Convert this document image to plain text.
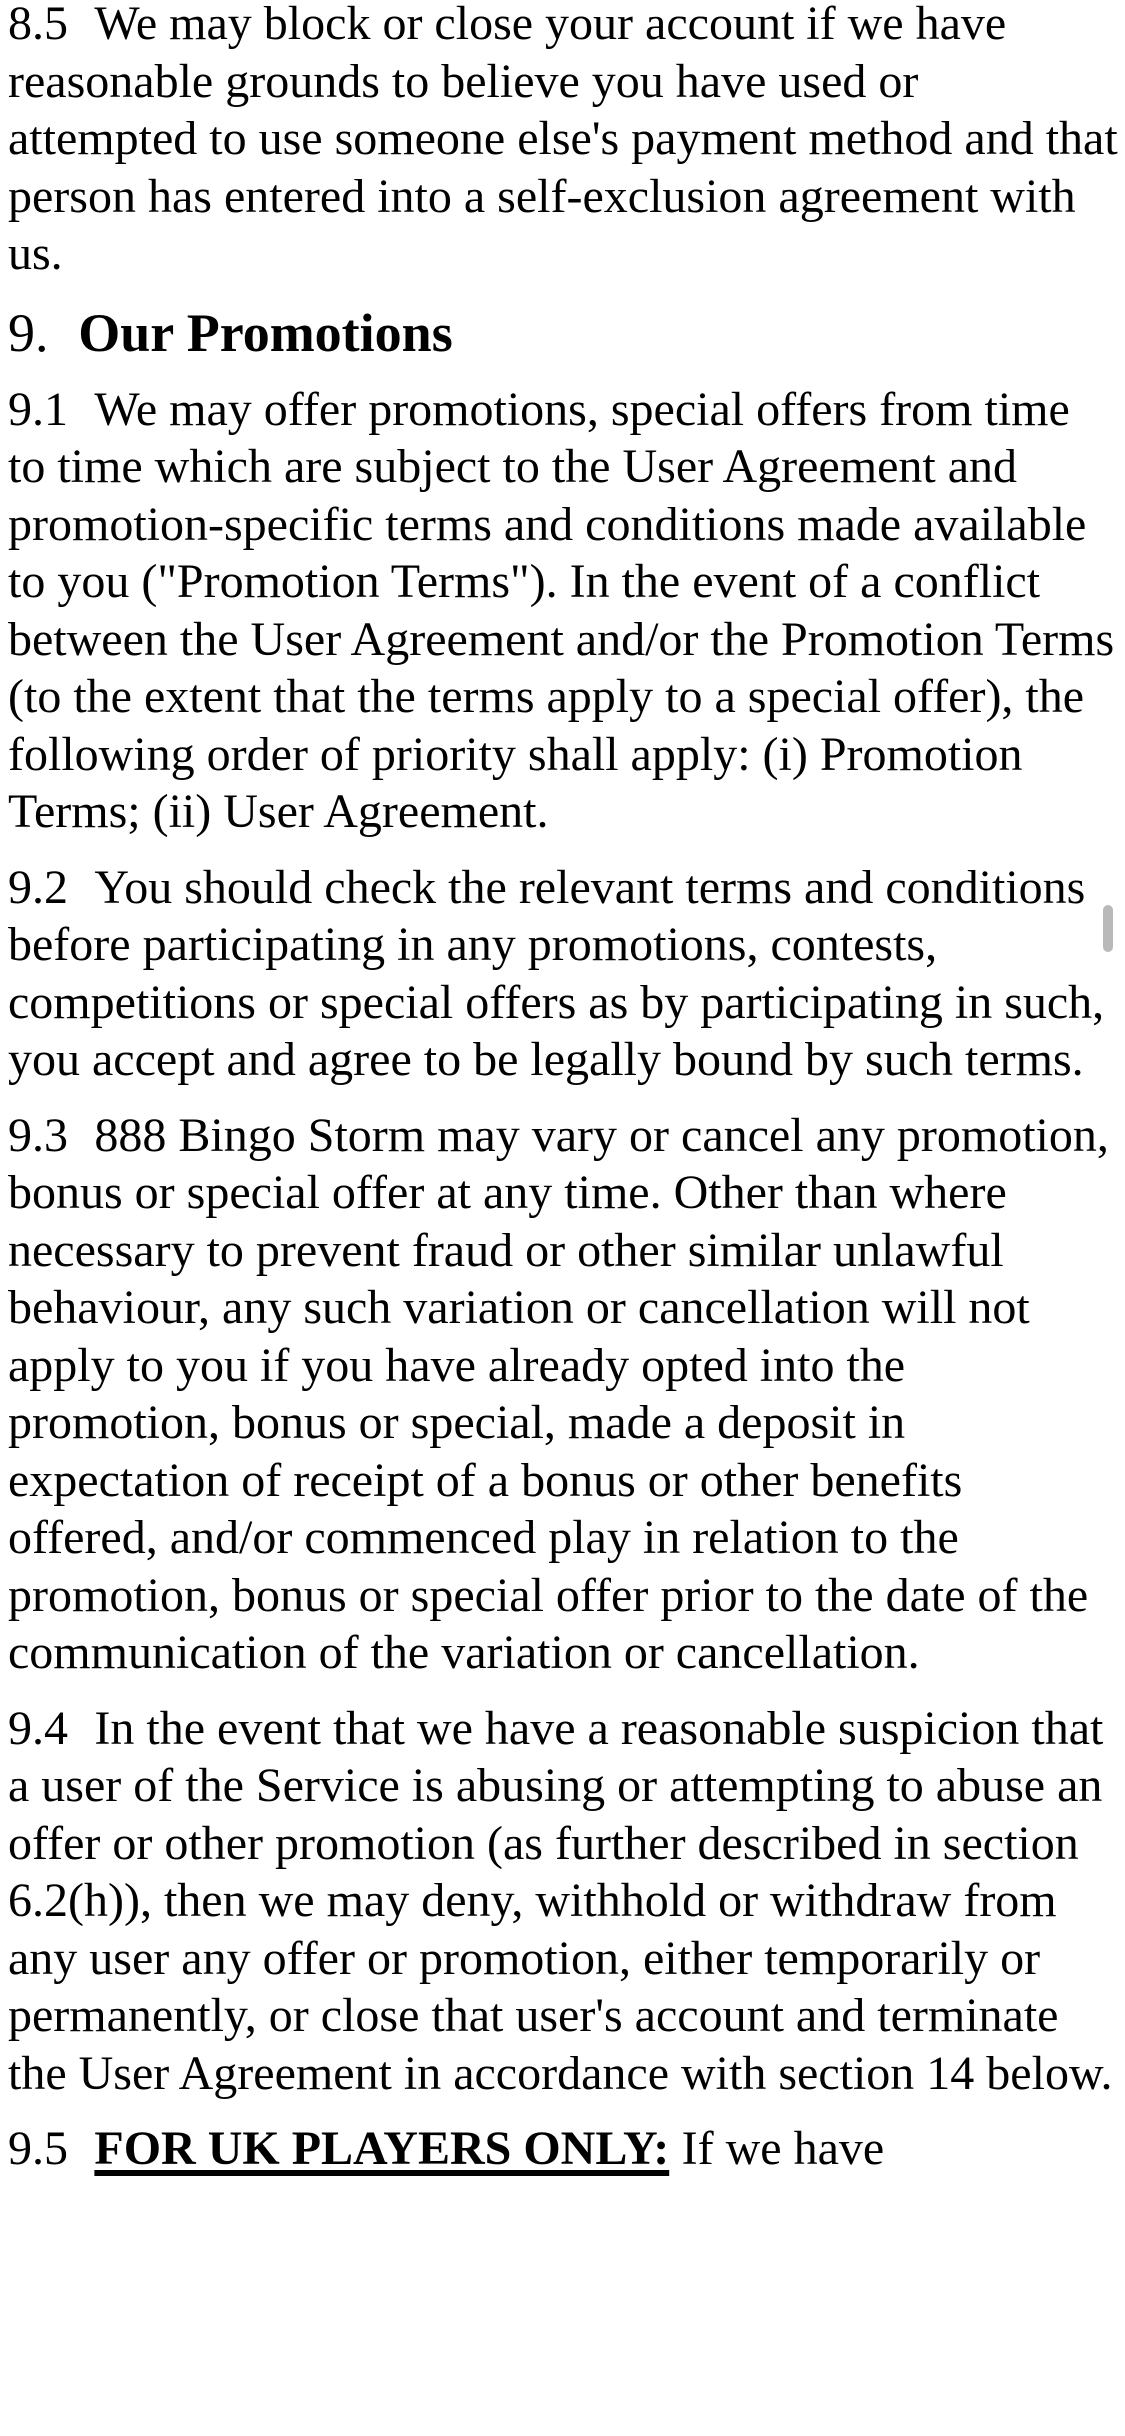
8.5 We may block or close your account if we have reasonable grounds to believe you have used or attempted to use someone else's payment method and that person has entered into a self-exclusion agreement with us.

9. Our Promotions

9.1 We may offer promotions, special offers from time to time which are subject to the User Agreement and promotion-specific terms and conditions made available to you ("Promotion Terms"). In the event of a conflict between the User Agreement and/or the Promotion Terms (to the extent that the terms apply to a special offer), the following order of priority shall apply: (i) Promotion Terms; (ii) User Agreement.

9.2 You should check the relevant terms and conditions before participating in any promotions, contests, competitions or special offers as by participating in such, you accept and agree to be legally bound by such terms.

9.3 888 Bingo Storm may vary or cancel any promotion, bonus or special offer at any time. Other than where necessary to prevent fraud or other similar unlawful behaviour, any such variation or cancellation will not apply to you if you have already opted into the promotion, bonus or special, made a deposit in expectation of receipt of a bonus or other benefits offered, and/or commenced play in relation to the promotion, bonus or special offer prior to the date of the communication of the variation or cancellation.

9.4 In the event that we have a reasonable suspicion that a user of the Service is abusing or attempting to abuse an offer or other promotion (as further described in section 6.2(h)), then we may deny, withhold or withdraw from any user any offer or promotion, either temporarily or permanently, or close that user's account and terminate the User Agreement in accordance with section 14 below.

9.5 FOR UK PLAYERS ONLY: If we have
